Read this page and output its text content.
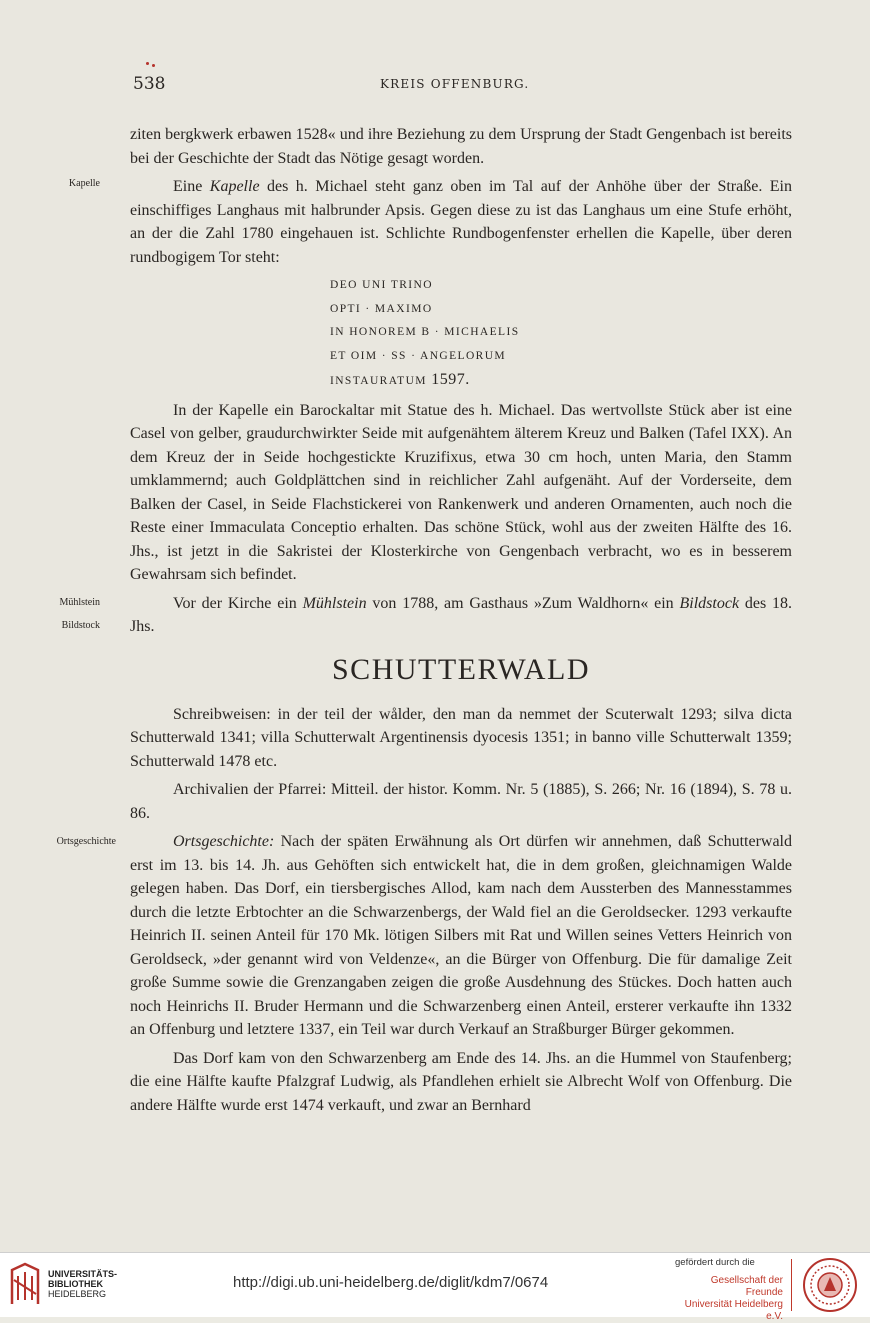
538	KREIS OFFENBURG.
Kapelle
Mühlstein
Bildstock
Ortsgeschichte

ziten bergkwerk erbawen 1528« und ihre Beziehung zu dem Ursprung der Stadt Gengenbach ist bereits bei der Geschichte der Stadt das Nötige gesagt worden.

Eine Kapelle des h. Michael steht ganz oben im Tal auf der Anhöhe über der Straße. Ein einschiffiges Langhaus mit halbrunder Apsis. Gegen diese zu ist das Langhaus um eine Stufe erhöht, an der die Zahl 1780 eingehauen ist. Schlichte Rundbogenfenster erhellen die Kapelle, über deren rundbogigem Tor steht:

DEO UNI TRINO
OPTI · MAXIMO
IN HONOREM B · MICHAELIS
ET OIM · SS · ANGELORUM
INSTAURATUM 1597.

In der Kapelle ein Barockaltar mit Statue des h. Michael. Das wertvollste Stück aber ist eine Casel von gelber, graudurchwirkter Seide mit aufgenähtem älterem Kreuz und Balken (Tafel IXX). An dem Kreuz der in Seide hochgestickte Kruzifixus, etwa 30 cm hoch, unten Maria, den Stamm umklammernd; auch Goldplättchen sind in reichlicher Zahl aufgenäht. Auf der Vorderseite, dem Balken der Casel, in Seide Flachstickerei von Rankenwerk und anderen Ornamenten, auch noch die Reste einer Immaculata Conceptio erhalten. Das schöne Stück, wohl aus der zweiten Hälfte des 16. Jhs., ist jetzt in die Sakristei der Klosterkirche von Gengenbach verbracht, wo es in besserem Gewahrsam sich befindet.

Vor der Kirche ein Mühlstein von 1788, am Gasthaus »Zum Waldhorn« ein Bildstock des 18. Jhs.

SCHUTTERWALD

Schreibweisen: in der teil der wålder, den man da nemmet der Scuterwalt 1293; silva dicta Schutterwald 1341; villa Schutterwalt Argentinensis dyocesis 1351; in banno ville Schutterwalt 1359; Schutterwald 1478 etc.

Archivalien der Pfarrei: Mitteil. der histor. Komm. Nr. 5 (1885), S. 266; Nr. 16 (1894), S. 78 u. 86.

Ortsgeschichte: Nach der späten Erwähnung als Ort dürfen wir annehmen, daß Schutterwald erst im 13. bis 14. Jh. aus Gehöften sich entwickelt hat, die in dem großen, gleichnamigen Walde gelegen haben. Das Dorf, ein tiersbergisches Allod, kam nach dem Aussterben des Mannesstammes durch die letzte Erbtochter an die Schwarzenbergs, der Wald fiel an die Geroldsecker. 1293 verkaufte Heinrich II. seinen Anteil für 170 Mk. lötigen Silbers mit Rat und Willen seines Vetters Heinrich von Geroldseck, »der genannt wird von Veldenze«, an die Bürger von Offenburg. Die für damalige Zeit große Summe sowie die Grenzangaben zeigen die große Ausdehnung des Stückes. Doch hatten auch noch Heinrichs II. Bruder Hermann und die Schwarzenberg einen Anteil, ersterer verkaufte ihn 1332 an Offenburg und letztere 1337, ein Teil war durch Verkauf an Straßburger Bürger gekommen.

Das Dorf kam von den Schwarzenberg am Ende des 14. Jhs. an die Hummel von Staufenberg; die eine Hälfte kaufte Pfalzgraf Ludwig, als Pfandlehen erhielt sie Albrecht Wolf von Offenburg. Die andere Hälfte wurde erst 1474 verkauft, und zwar an Bernhard

UNIVERSITÄTS-
BIBLIOTHEK
HEIDELBERG
http://digi.ub.uni-heidelberg.de/diglit/kdm7/0674
gefördert durch die
Gesellschaft der Freunde
Universität Heidelberg e.V.
